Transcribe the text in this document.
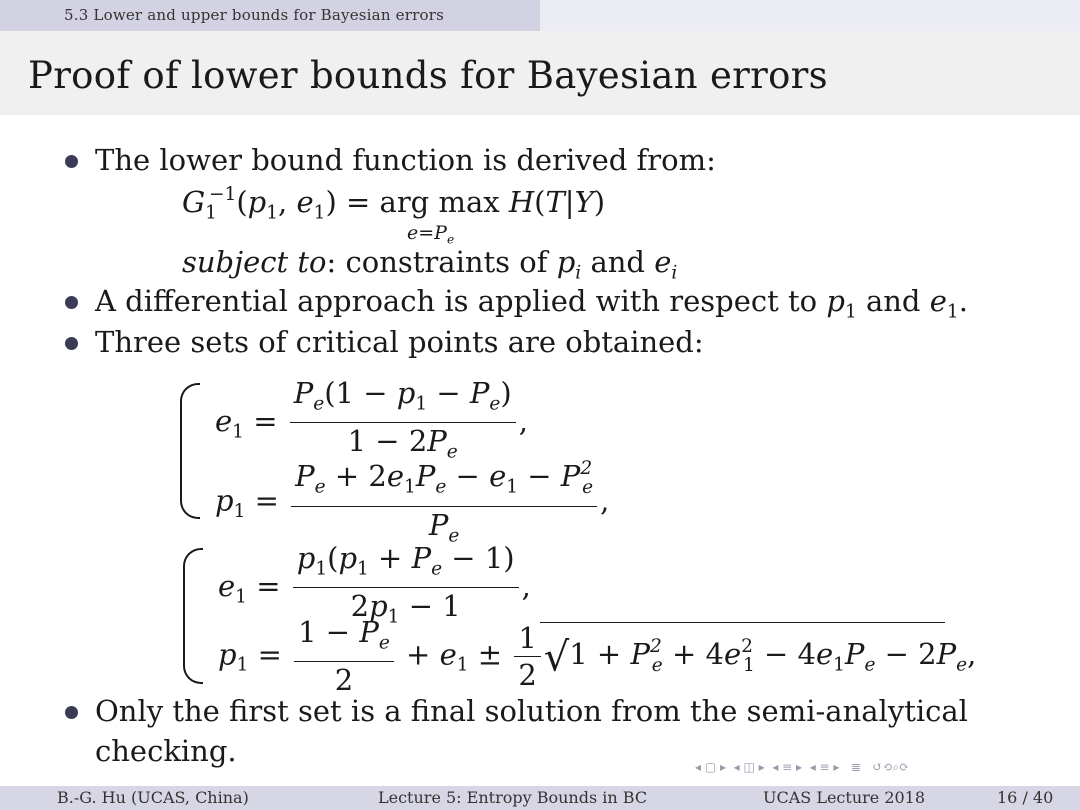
5.3 Lower and upper bounds for Bayesian errors
Proof of lower bounds for Bayesian errors
The lower bound function is derived from:
$G_1^{-1}(p_1$, $e_1$) = arg max H(T|Y)
$e=P_e$
subject to: constraints of $p_i$ and $e_i$
A differential approach is applied with respect to $p_1$ and $e_1$.
Three sets of critical points are obtained:
$e_1 = \frac{P_e(1 - p_1 - P_e)}{1 - 2P_e}$ ,
$p_1 = \frac{P_e + 2e_1P_e - e_1 - P^2_e}{P_e}$ ,
$e_1 = \frac{p_1(p_1 + P_e - 1)}{2p_1 - 1}$ ,
$p_1 = \frac{1 - P_e}{2} + e_1 \pm \frac{1}{2} √1 + P^2_e + 4e^2_1 - 4e_1P_e - 2P_e$,
Only the first set is a final solution from the semi-analytical
checking.	◂ ▢ ▸ ◂ ◫ ▸ ◂ ≡ ▸ ◂ ≡ ▸ ≣ ↺⟲⌕⟳
B.-G. Hu (UCAS, China)	Lecture 5: Entropy Bounds in BC	UCAS Lecture 2018	16 / 40
